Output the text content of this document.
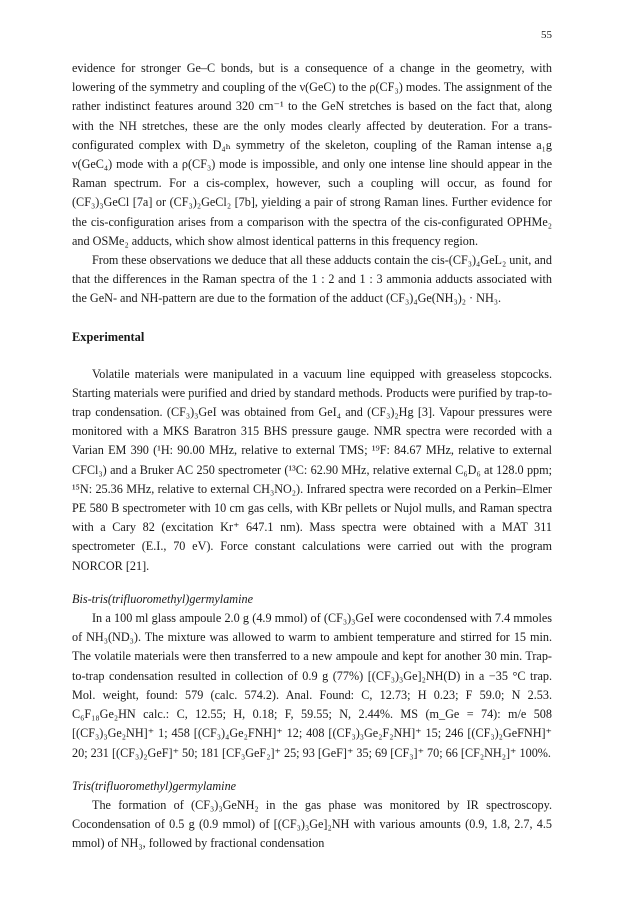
55

evidence for stronger Ge–C bonds, but is a consequence of a change in the geometry, with lowering of the symmetry and coupling of the ν(GeC) to the ρ(CF₃) modes. The assignment of the rather indistinct features around 320 cm⁻¹ to the GeN stretches is based on the fact that, along with the NH stretches, these are the only modes clearly affected by deuteration. For a trans-configurated complex with D₄ₕ symmetry of the skeleton, coupling of the Raman intense a₁g ν(GeC₄) mode with a ρ(CF₃) mode is impossible, and only one intense line should appear in the Raman spectrum. For a cis-complex, however, such a coupling will occur, as found for (CF₃)₃GeCl [7a] or (CF₃)₂GeCl₂ [7b], yielding a pair of strong Raman lines. Further evidence for the cis-configuration arises from a comparison with the spectra of the cis-configurated OPHMe₂ and OSMe₂ adducts, which show almost identical patterns in this frequency region.

From these observations we deduce that all these adducts contain the cis-(CF₃)₄GeL₂ unit, and that the differences in the Raman spectra of the 1 : 2 and 1 : 3 ammonia adducts associated with the GeN- and NH-pattern are due to the formation of the adduct (CF₃)₄Ge(NH₃)₂ · NH₃.

Experimental

Volatile materials were manipulated in a vacuum line equipped with greaseless stopcocks. Starting materials were purified and dried by standard methods. Products were purified by trap-to-trap condensation. (CF₃)₃GeI was obtained from GeI₄ and (CF₃)₂Hg [3]. Vapour pressures were monitored with a MKS Baratron 315 BHS pressure gauge. NMR spectra were recorded with a Varian EM 390 (¹H: 90.00 MHz, relative to external TMS; ¹⁹F: 84.67 MHz, relative to external CFCl₃) and a Bruker AC 250 spectrometer (¹³C: 62.90 MHz, relative external C₆D₆ at 128.0 ppm; ¹⁵N: 25.36 MHz, relative to external CH₃NO₂). Infrared spectra were recorded on a Perkin–Elmer PE 580 B spectrometer with 10 cm gas cells, with KBr pellets or Nujol mulls, and Raman spectra with a Cary 82 (excitation Kr⁺ 647.1 nm). Mass spectra were obtained with a MAT 311 spectrometer (E.I., 70 eV). Force constant calculations were carried out with the program NORCOR [21].

Bis-tris(trifluoromethyl)germylamine

In a 100 ml glass ampoule 2.0 g (4.9 mmol) of (CF₃)₃GeI were cocondensed with 7.4 mmoles of NH₃(ND₃). The mixture was allowed to warm to ambient temperature and stirred for 15 min. The volatile materials were then transferred to a new ampoule and kept for another 30 min. Trap-to-trap condensation resulted in collection of 0.9 g (77%) [(CF₃)₃Ge]₂NH(D) in a −35 °C trap. Mol. weight, found: 579 (calc. 574.2). Anal. Found: C, 12.73; H 0.23; F 59.0; N 2.53. C₆F₁₈Ge₂HN calc.: C, 12.55; H, 0.18; F, 59.55; N, 2.44%. MS (m_Ge = 74): m/e 508 [(CF₃)₃Ge₂NH]⁺ 1; 458 [(CF₃)₄Ge₂FNH]⁺ 12; 408 [(CF₃)₃Ge₂F₂NH]⁺ 15; 246 [(CF₃)₂GeFNH]⁺ 20; 231 [(CF₃)₂GeF]⁺ 50; 181 [CF₃GeF₂]⁺ 25; 93 [GeF]⁺ 35; 69 [CF₃]⁺ 70; 66 [CF₂NH₂]⁺ 100%.

Tris(trifluoromethyl)germylamine

The formation of (CF₃)₃GeNH₂ in the gas phase was monitored by IR spectroscopy. Cocondensation of 0.5 g (0.9 mmol) of [(CF₃)₃Ge]₂NH with various amounts (0.9, 1.8, 2.7, 4.5 mmol) of NH₃, followed by fractional condensation
